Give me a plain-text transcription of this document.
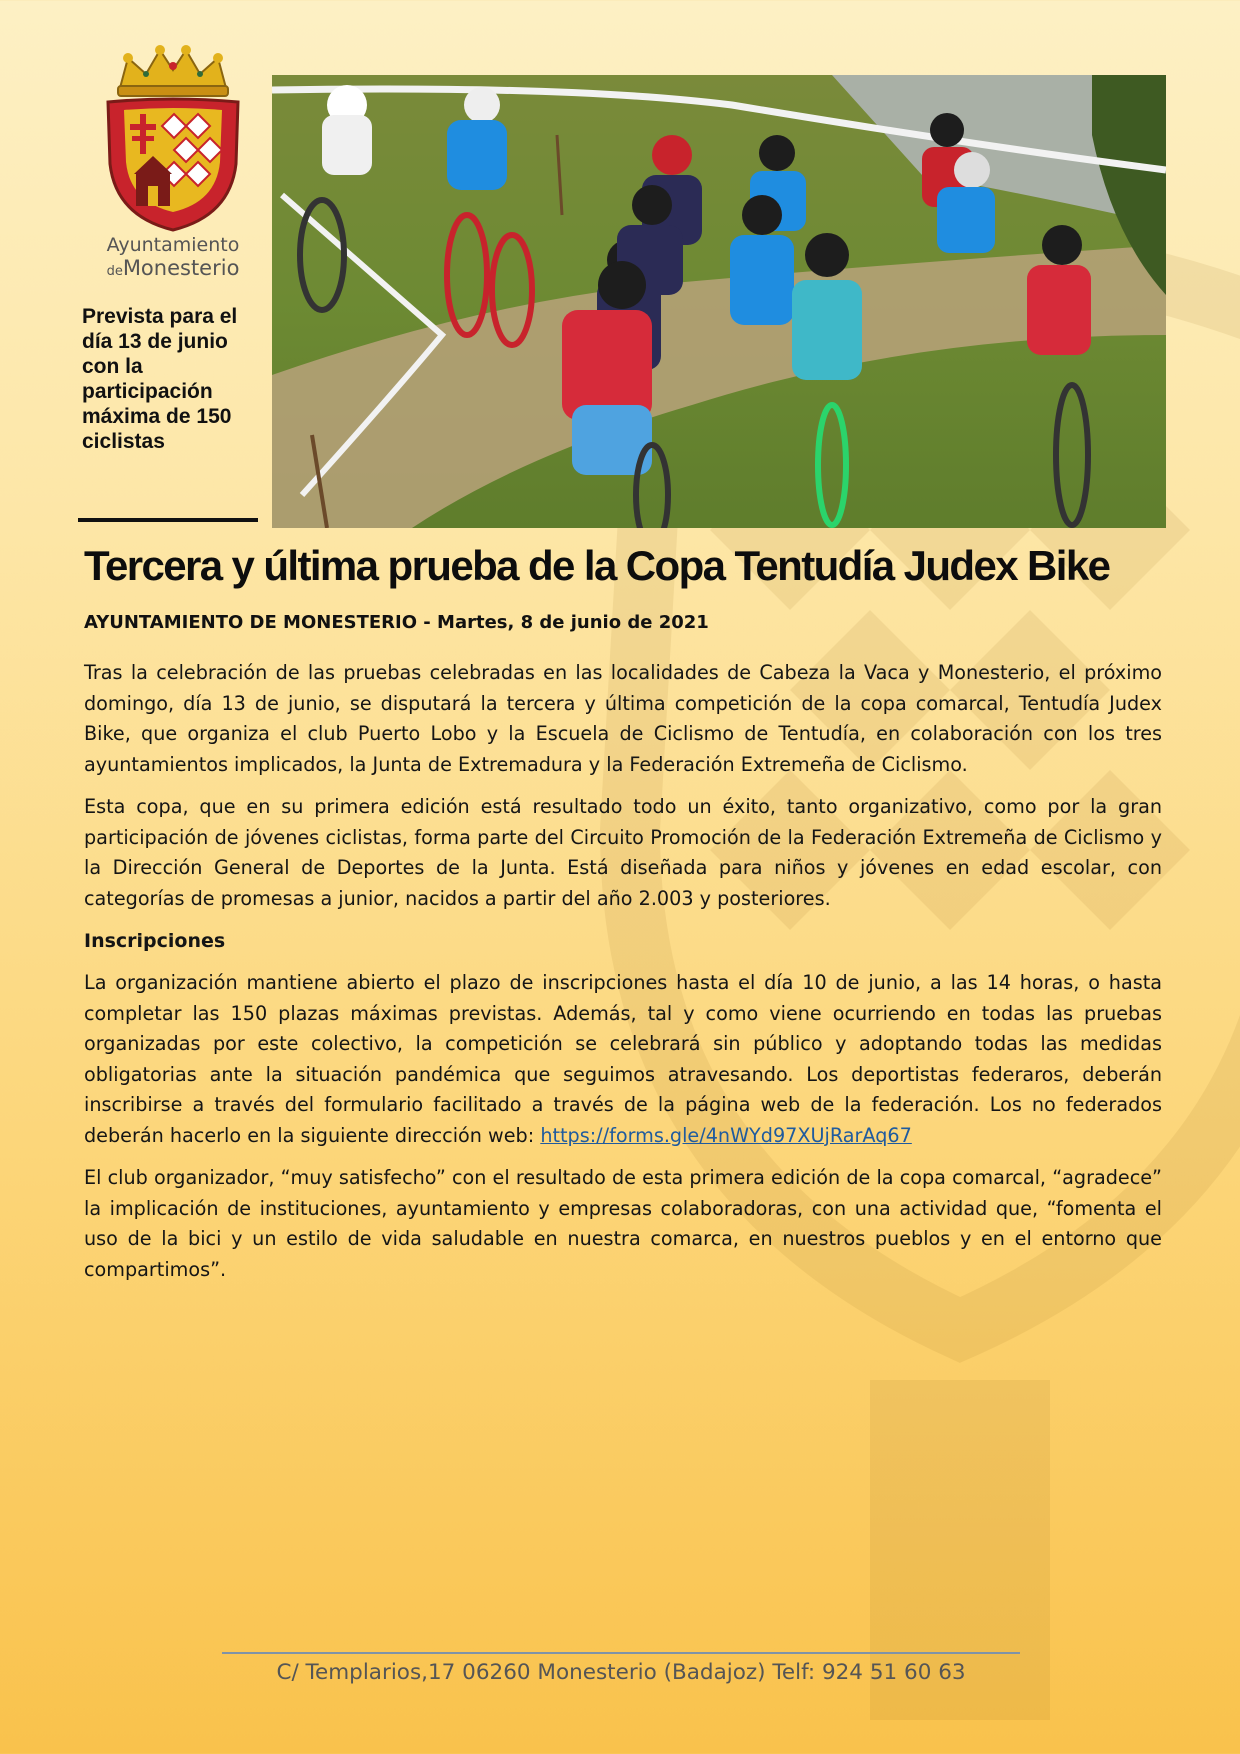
Ayuntamiento
deMonesterio
Prevista para el día 13 de junio con la participación máxima de 150 ciclistas
Tercera y última prueba de la Copa Tentudía Judex Bike
AYUNTAMIENTO DE MONESTERIO - Martes, 8 de junio de 2021

Tras la celebración de las pruebas celebradas en las localidades de Cabeza la Vaca y Monesterio, el próximo domingo, día 13 de junio, se disputará la tercera y última competición de la copa comarcal, Tentudía Judex Bike, que organiza el club Puerto Lobo y la Escuela de Ciclismo de Tentudía, en colaboración con los tres ayuntamientos implicados, la Junta de Extremadura y la Federación Extremeña de Ciclismo.

Esta copa, que en su primera edición está resultado todo un éxito, tanto organizativo, como por la gran participación de jóvenes ciclistas, forma parte del Circuito Promoción de la Federación Extremeña de Ciclismo y la Dirección General de Deportes de la Junta. Está diseñada para niños y jóvenes en edad escolar, con categorías de promesas a junior, nacidos a partir del año 2.003 y posteriores.

Inscripciones

La organización mantiene abierto el plazo de inscripciones hasta el día 10 de junio, a las 14 horas, o hasta completar las 150 plazas máximas previstas. Además, tal y como viene ocurriendo en todas las pruebas organizadas por este colectivo, la competición se celebrará sin público y adoptando todas las medidas obligatorias ante la situación pandémica que seguimos atravesando. Los deportistas federaros, deberán inscribirse a través del formulario facilitado a través de la página web de la federación. Los no federados deberán hacerlo en la siguiente dirección web: https://forms.gle/4nWYd97XUjRarAq67

El club organizador, “muy satisfecho” con el resultado de esta primera edición de la copa comarcal, “agradece” la implicación de instituciones, ayuntamiento y empresas colaboradoras, con una actividad que, “fomenta el uso de la bici y un estilo de vida saludable en nuestra comarca, en nuestros pueblos y en el entorno que compartimos”.

C/ Templarios,17 06260 Monesterio (Badajoz) Telf: 924 51 60 63
